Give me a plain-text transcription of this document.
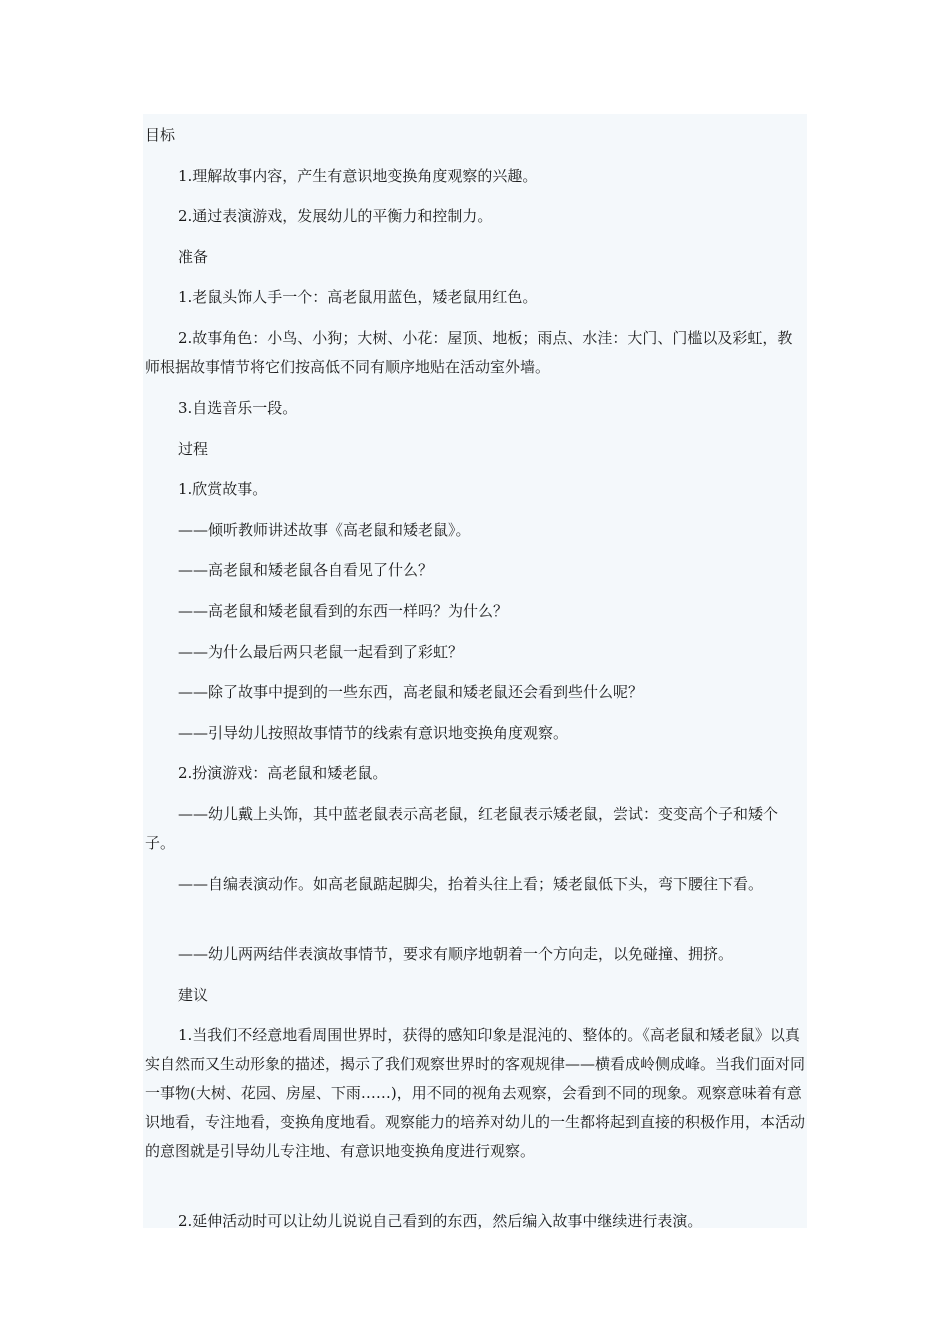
目标

1.理解故事内容，产生有意识地变换角度观察的兴趣。

2.通过表演游戏，发展幼儿的平衡力和控制力。

准备

1.老鼠头饰人手一个：高老鼠用蓝色，矮老鼠用红色。

2.故事角色：小鸟、小狗；大树、小花：屋顶、地板；雨点、水洼：大门、门槛以及彩虹，教师根据故事情节将它们按高低不同有顺序地贴在活动室外墙。

3.自选音乐一段。

过程

1.欣赏故事。

——倾听教师讲述故事《高老鼠和矮老鼠》。

——高老鼠和矮老鼠各自看见了什么？

——高老鼠和矮老鼠看到的东西一样吗？为什么？

——为什么最后两只老鼠一起看到了彩虹？

——除了故事中提到的一些东西，高老鼠和矮老鼠还会看到些什么呢？

——引导幼儿按照故事情节的线索有意识地变换角度观察。

2.扮演游戏：高老鼠和矮老鼠。

——幼儿戴上头饰，其中蓝老鼠表示高老鼠，红老鼠表示矮老鼠，尝试：变变高个子和矮个子。

——自编表演动作。如高老鼠踮起脚尖，抬着头往上看；矮老鼠低下头，弯下腰往下看。

——幼儿两两结伴表演故事情节，要求有顺序地朝着一个方向走，以免碰撞、拥挤。

建议

1.当我们不经意地看周围世界时，获得的感知印象是混沌的、整体的。《高老鼠和矮老鼠》以真实自然而又生动形象的描述，揭示了我们观察世界时的客观规律——横看成岭侧成峰。当我们面对同一事物(大树、花园、房屋、下雨……)，用不同的视角去观察，会看到不同的现象。观察意味着有意识地看，专注地看，变换角度地看。观察能力的培养对幼儿的一生都将起到直接的积极作用，本活动的意图就是引导幼儿专注地、有意识地变换角度进行观察。

2.延伸活动时可以让幼儿说说自己看到的东西，然后编入故事中继续进行表演。
